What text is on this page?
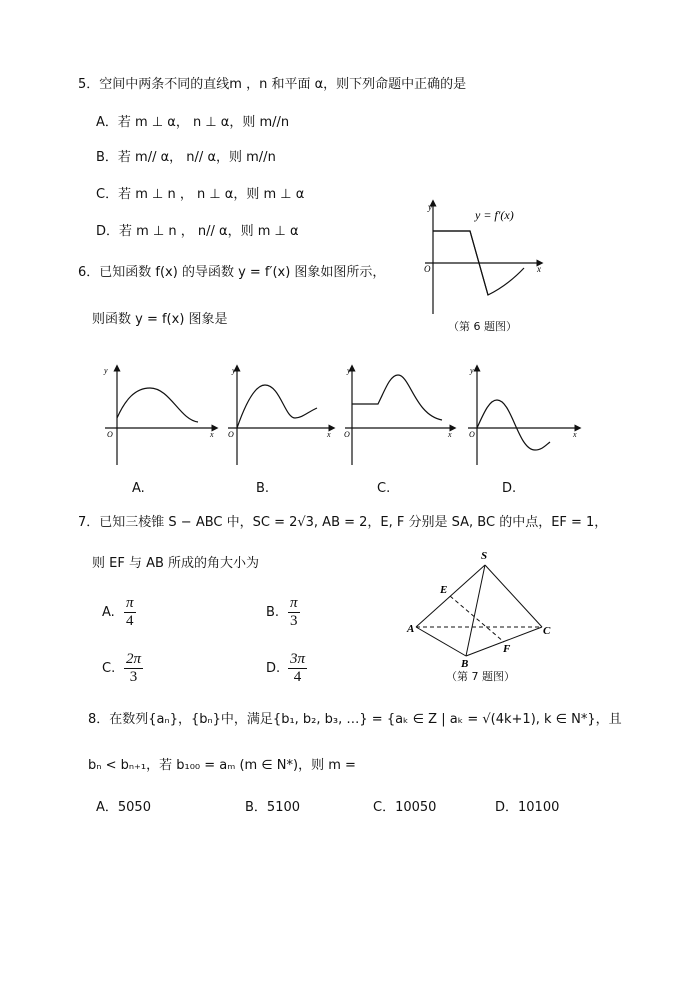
5．空间中两条不同的直线m ，n 和平面 α，则下列命题中正确的是
A．若 m ⊥ α， n ⊥ α，则 m//n
B．若 m// α， n// α，则 m//n
C．若 m ⊥ n ， n ⊥ α，则 m ⊥ α
D．若 m ⊥ n ， n// α，则 m ⊥ α
6．已知函数 f(x) 的导函数 y = f′(x) 图象如图所示，
则函数 y = f(x) 图象是
y
x
O
y = f′(x)
y
O	x
y
O	x
y
O	x
y
O	x
S
E
A	C
B
F
（第 6 题图）
A.	B.	C.	D.
7．已知三棱锥 S − ABC 中，SC = 2√3, AB = 2，E, F 分别是 SA, BC 的中点，EF = 1，
则 EF 与 AB 所成的角大小为
A. $\frac{\pi}{4}$	B. $\frac{\pi}{3}$
C. $\frac{2\pi}{3}$	D. $\frac{3\pi}{4}$	（第 7 题图）
8．在数列{aₙ}，{bₙ}中，满足{b₁, b₂, b₃, …} = {aₖ ∈ Z | aₖ = √(4k+1), k ∈ N*}，且
bₙ < bₙ₊₁，若 b₁₀₀ = aₘ (m ∈ N*)，则 m =
A．5050	B．5100	C．10050	D．10100
